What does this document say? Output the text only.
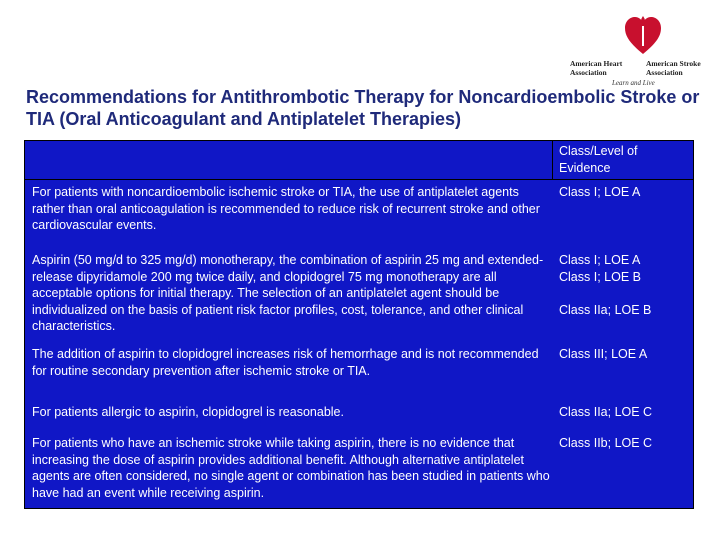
American Heart Association
American Stroke Association
Learn and Live
Recommendations for Antithrombotic Therapy for Noncardioembolic Stroke or TIA (Oral Anticoagulant and Antiplatelet Therapies)
Class/Level of Evidence
For patients with noncardioembolic ischemic stroke or TIA, the use of antiplatelet agents rather than oral anticoagulation is recommended to reduce risk of recurrent stroke and other cardiovascular events.
Class I; LOE A
Aspirin (50 mg/d to 325 mg/d) monotherapy, the combination of aspirin 25 mg and extended-release dipyridamole 200 mg twice daily, and clopidogrel 75 mg monotherapy are all acceptable options for initial therapy. The selection of an antiplatelet agent should be individualized on the basis of patient risk factor profiles, cost, tolerance, and other clinical characteristics.
Class I; LOE A
Class I; LOE B
Class IIa; LOE B
The addition of aspirin to clopidogrel increases risk of hemorrhage and is not recommended for routine secondary prevention after ischemic stroke or TIA.
Class III; LOE A
For patients allergic to aspirin, clopidogrel is reasonable.	Class IIa; LOE C
For patients who have an ischemic stroke while taking aspirin, there is no evidence that increasing the dose of aspirin provides additional benefit. Although alternative antiplatelet agents are often considered, no single agent or combination has been studied in patients who have had an event while receiving aspirin.
Class IIb; LOE C
©2010 American Heart Association, Inc. All rights reserved.
